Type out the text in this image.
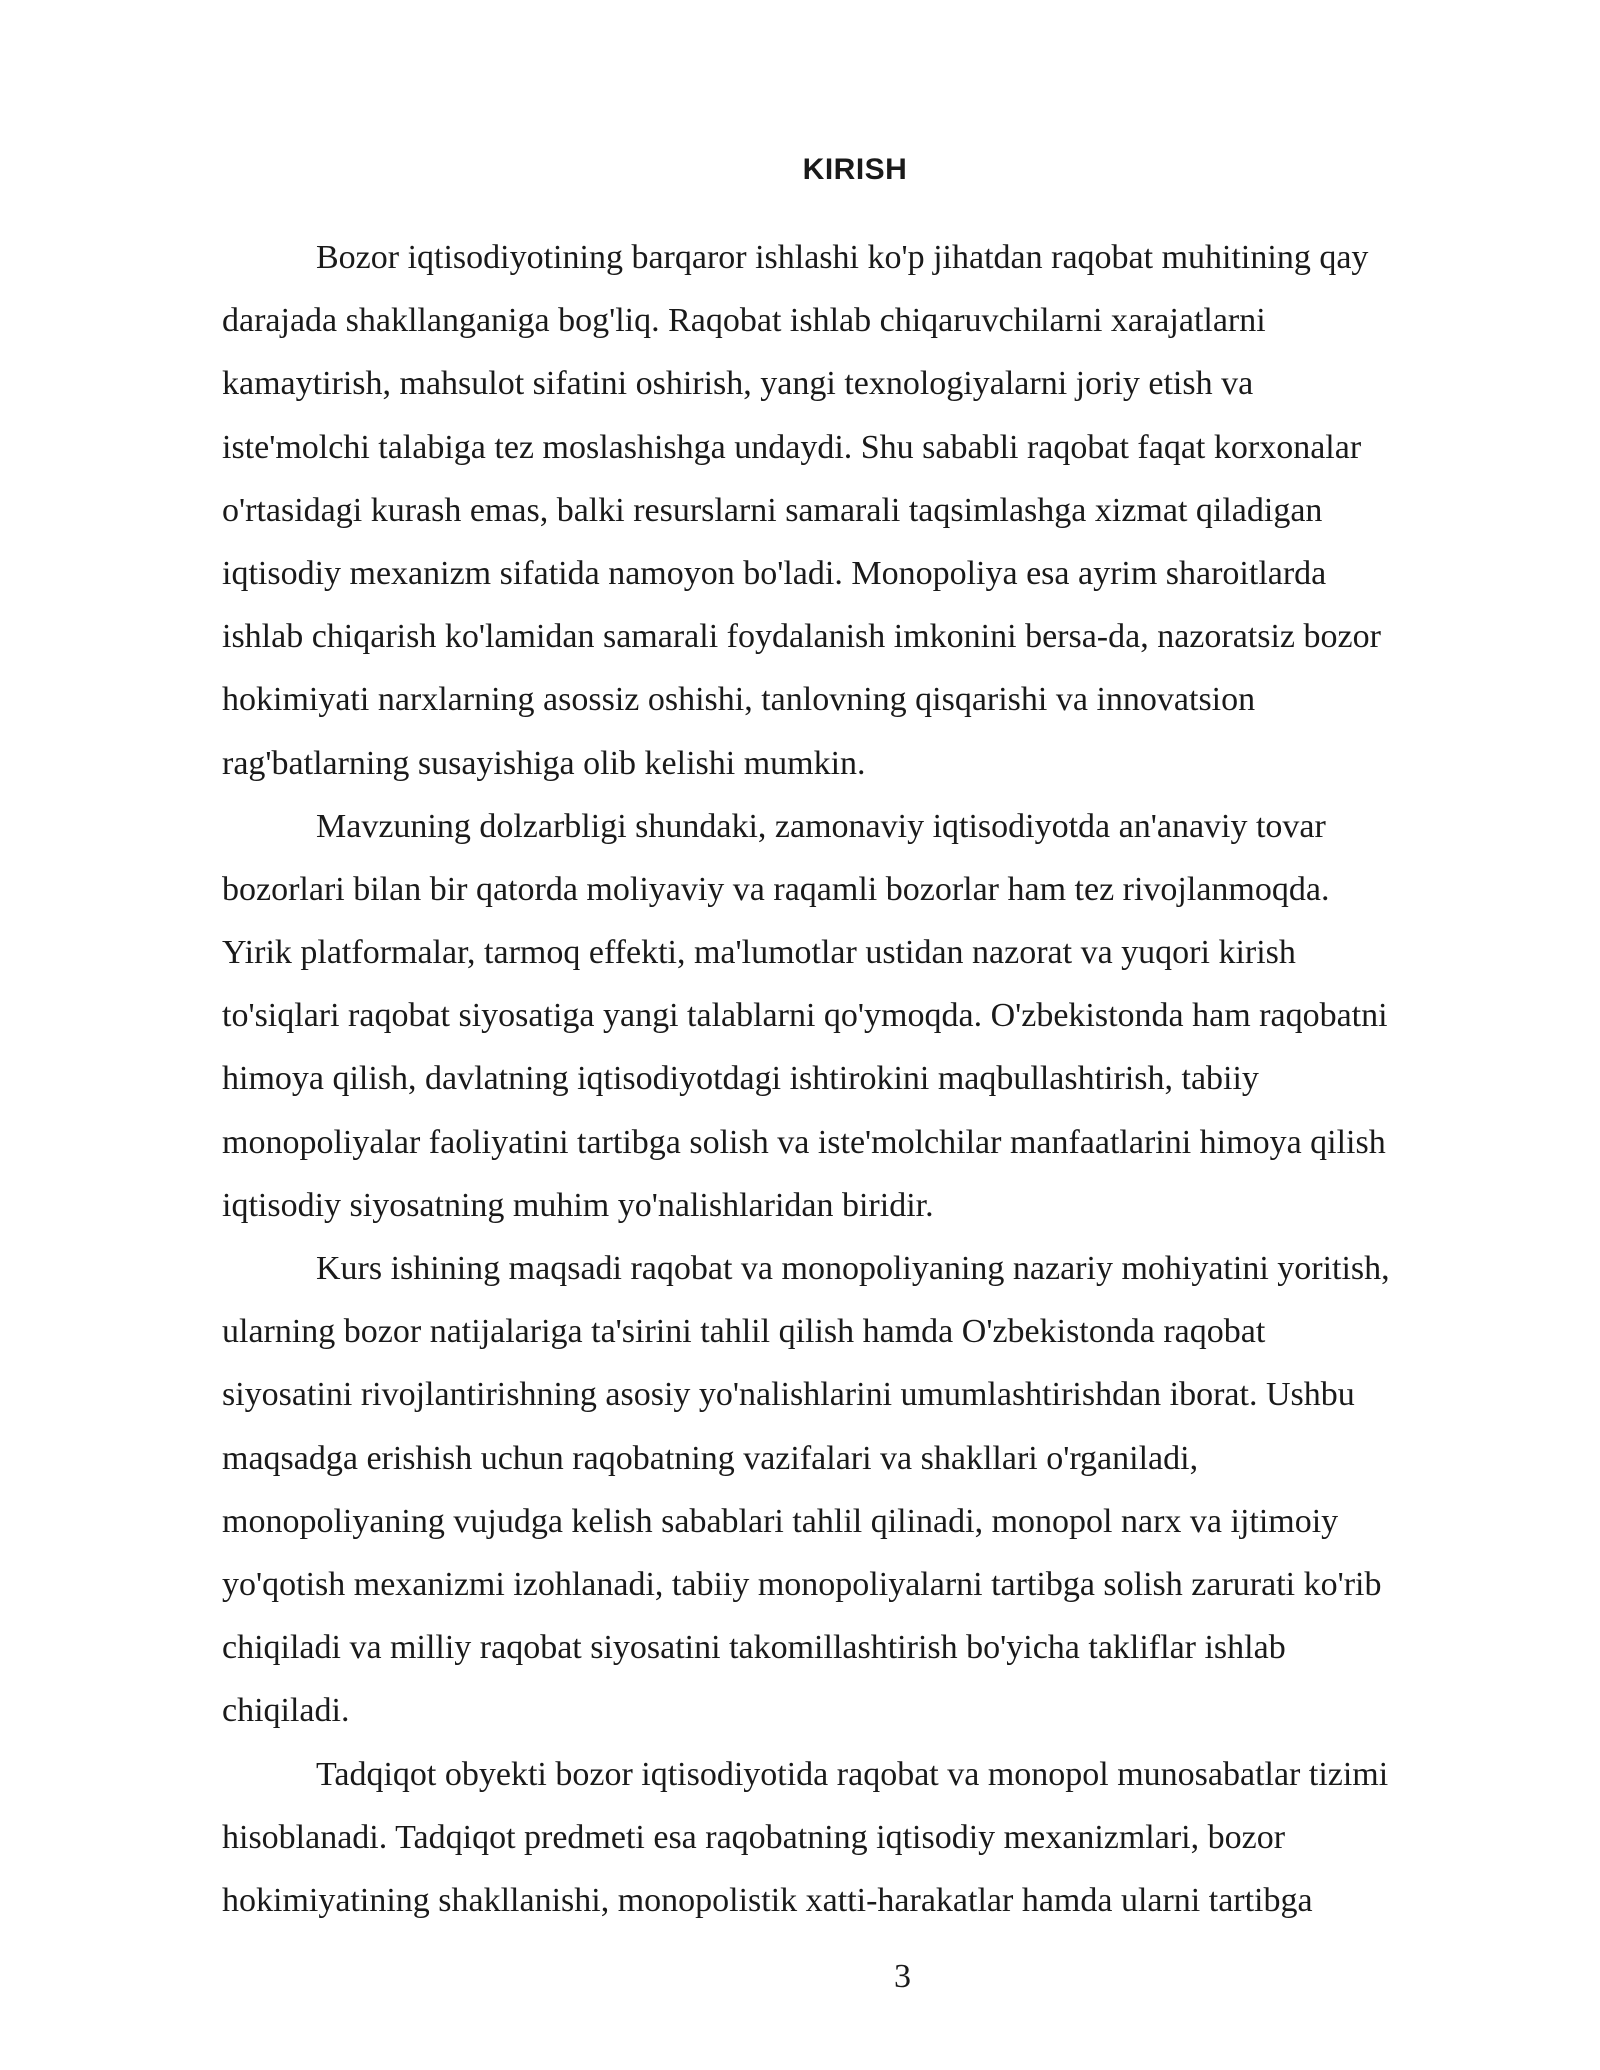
KIRISH
Bozor iqtisodiyotining barqaror ishlashi ko'p jihatdan raqobat muhitining qay
darajada shakllanganiga bog'liq. Raqobat ishlab chiqaruvchilarni xarajatlarni
kamaytirish, mahsulot sifatini oshirish, yangi texnologiyalarni joriy etish va
iste'molchi talabiga tez moslashishga undaydi. Shu sababli raqobat faqat korxonalar
o'rtasidagi kurash emas, balki resurslarni samarali taqsimlashga xizmat qiladigan
iqtisodiy mexanizm sifatida namoyon bo'ladi. Monopoliya esa ayrim sharoitlarda
ishlab chiqarish ko'lamidan samarali foydalanish imkonini bersa-da, nazoratsiz bozor
hokimiyati narxlarning asossiz oshishi, tanlovning qisqarishi va innovatsion
rag'batlarning susayishiga olib kelishi mumkin.
Mavzuning dolzarbligi shundaki, zamonaviy iqtisodiyotda an'anaviy tovar
bozorlari bilan bir qatorda moliyaviy va raqamli bozorlar ham tez rivojlanmoqda.
Yirik platformalar, tarmoq effekti, ma'lumotlar ustidan nazorat va yuqori kirish
to'siqlari raqobat siyosatiga yangi talablarni qo'ymoqda. O'zbekistonda ham raqobatni
himoya qilish, davlatning iqtisodiyotdagi ishtirokini maqbullashtirish, tabiiy
monopoliyalar faoliyatini tartibga solish va iste'molchilar manfaatlarini himoya qilish
iqtisodiy siyosatning muhim yo'nalishlaridan biridir.
Kurs ishining maqsadi raqobat va monopoliyaning nazariy mohiyatini yoritish,
ularning bozor natijalariga ta'sirini tahlil qilish hamda O'zbekistonda raqobat
siyosatini rivojlantirishning asosiy yo'nalishlarini umumlashtirishdan iborat. Ushbu
maqsadga erishish uchun raqobatning vazifalari va shakllari o'rganiladi,
monopoliyaning vujudga kelish sabablari tahlil qilinadi, monopol narx va ijtimoiy
yo'qotish mexanizmi izohlanadi, tabiiy monopoliyalarni tartibga solish zarurati ko'rib
chiqiladi va milliy raqobat siyosatini takomillashtirish bo'yicha takliflar ishlab
chiqiladi.
Tadqiqot obyekti bozor iqtisodiyotida raqobat va monopol munosabatlar tizimi
hisoblanadi. Tadqiqot predmeti esa raqobatning iqtisodiy mexanizmlari, bozor
hokimiyatining shakllanishi, monopolistik xatti-harakatlar hamda ularni tartibga
3
